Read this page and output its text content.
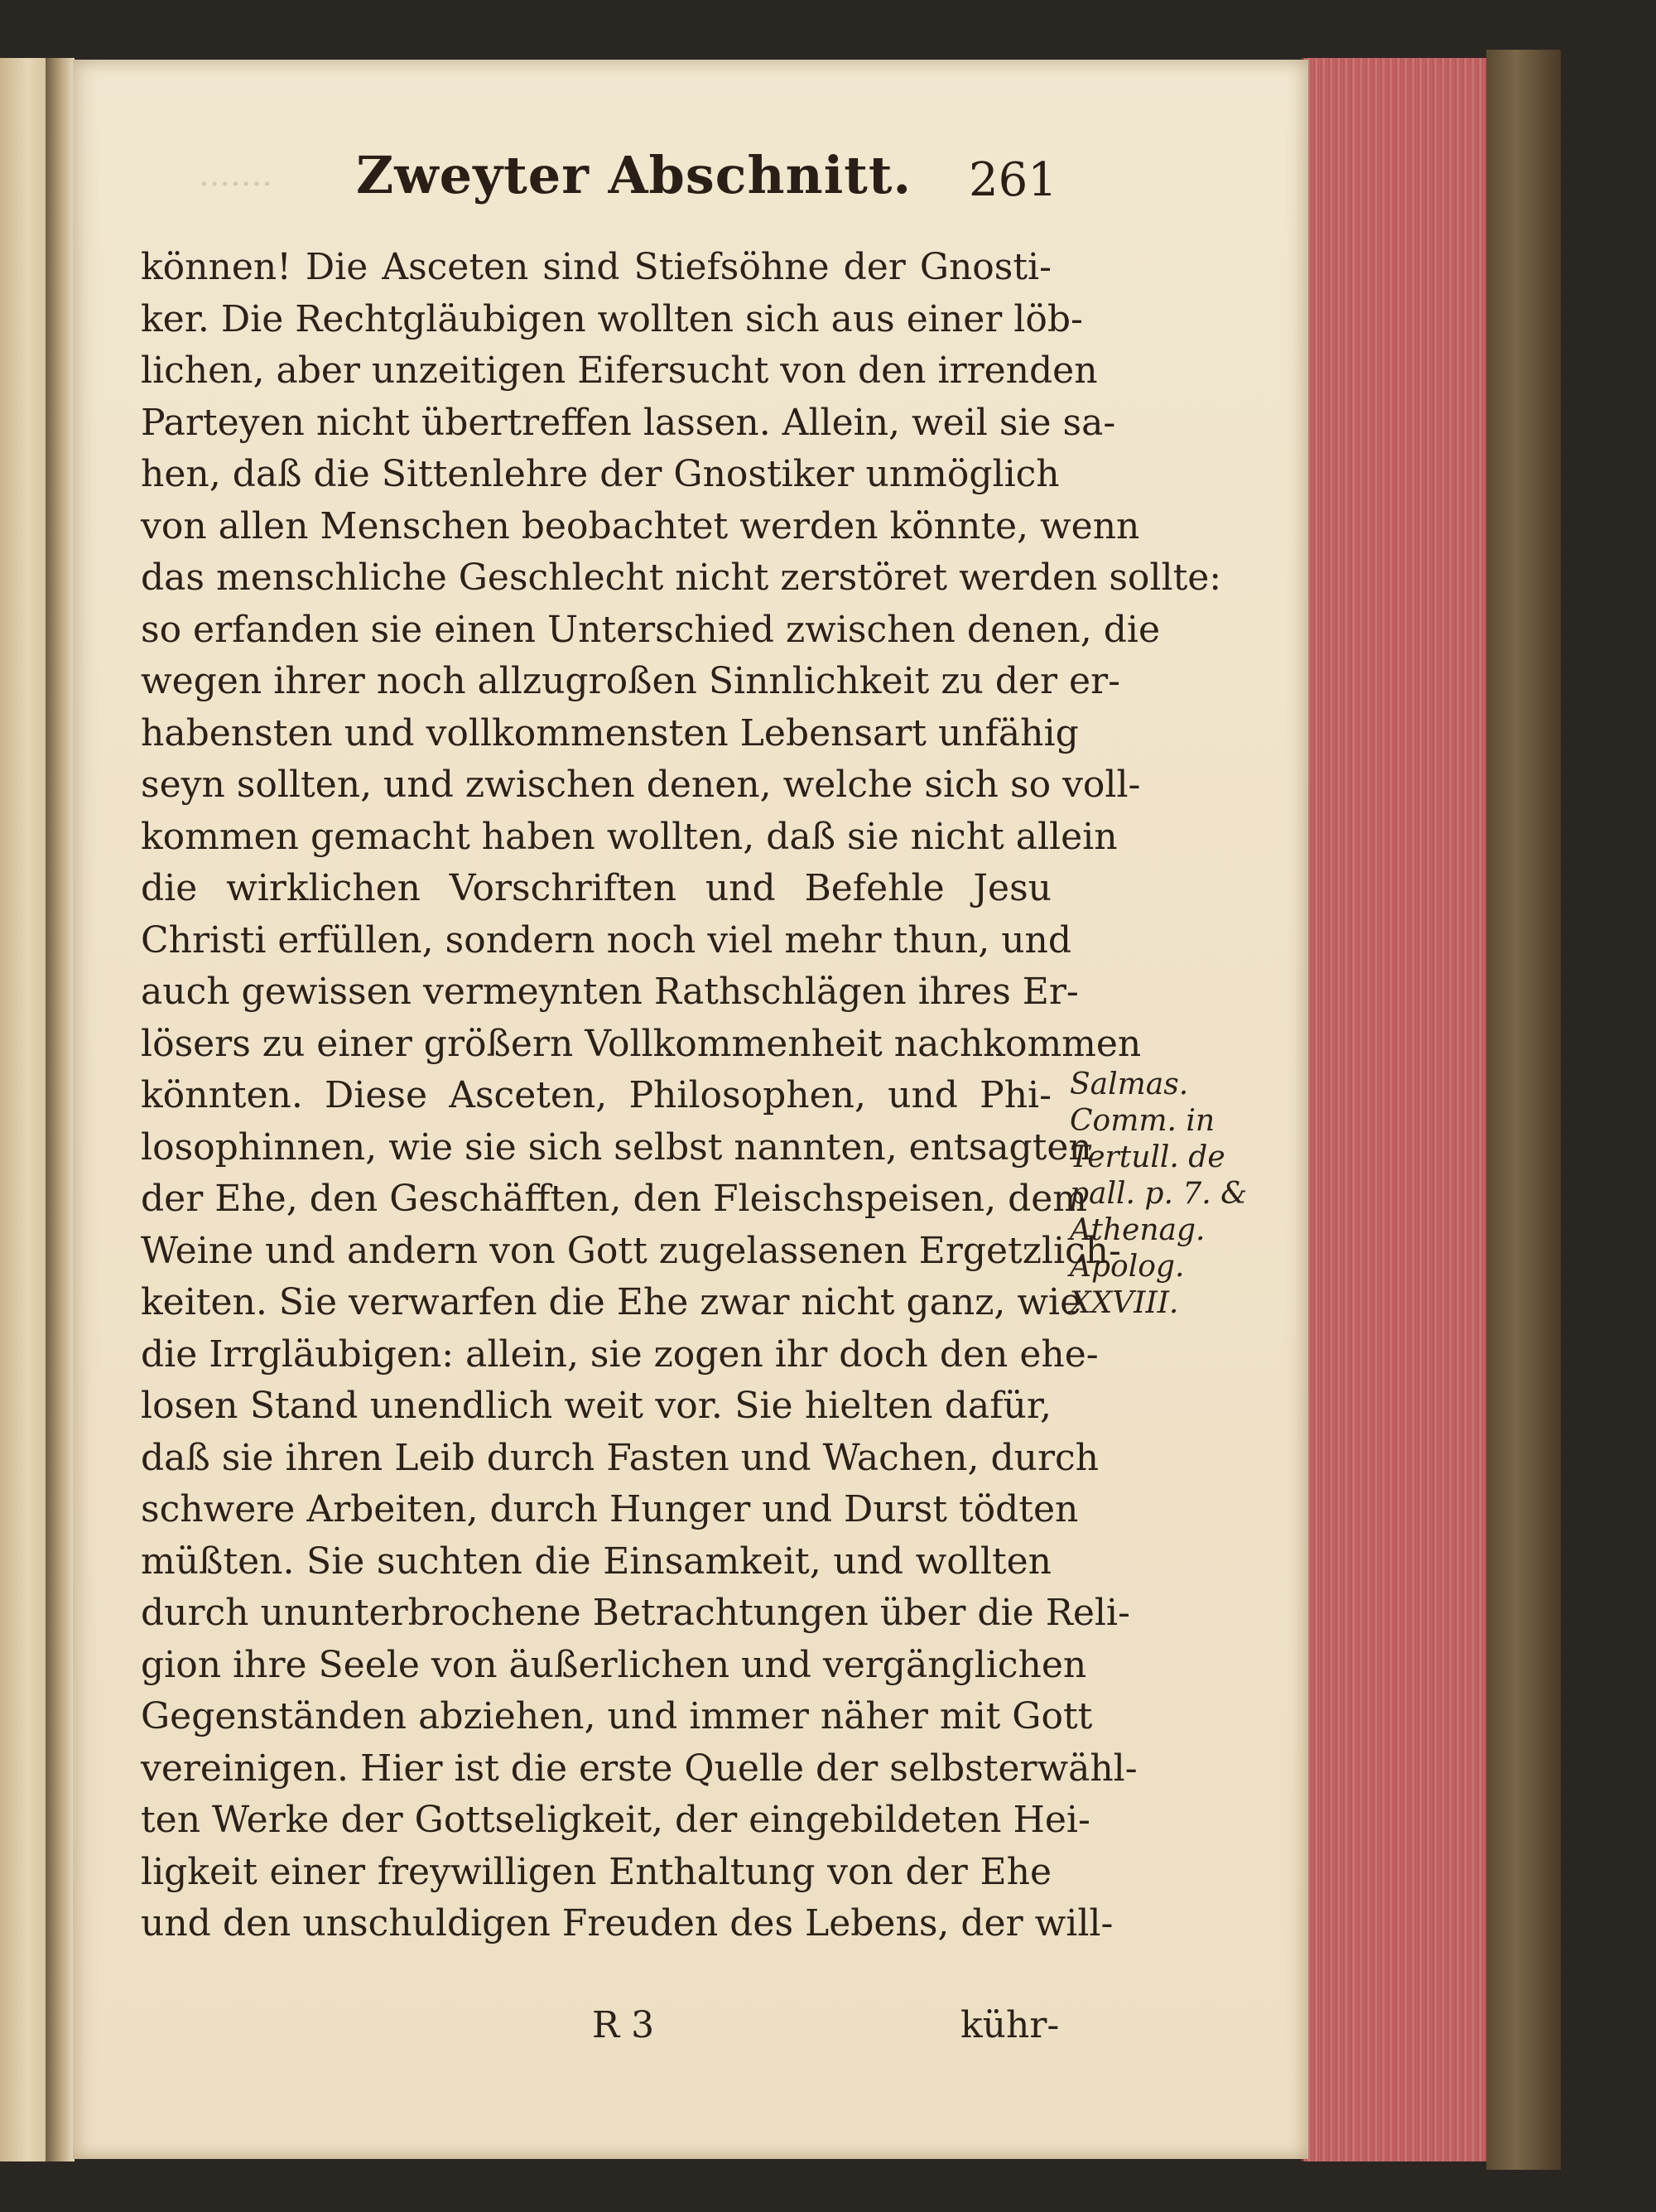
······· Zweyter Abschnitt. 261
können! Die Asceten sind Stiefsöhne der Gnosti-
ker. Die Rechtgläubigen wollten sich aus einer löb-
lichen, aber unzeitigen Eifersucht von den irrenden
Parteyen nicht übertreffen lassen. Allein, weil sie sa-
hen, daß die Sittenlehre der Gnostiker unmöglich
von allen Menschen beobachtet werden könnte, wenn
das menschliche Geschlecht nicht zerstöret werden sollte:
so erfanden sie einen Unterschied zwischen denen, die
wegen ihrer noch allzugroßen Sinnlichkeit zu der er-
habensten und vollkommensten Lebensart unfähig
seyn sollten, und zwischen denen, welche sich so voll-
kommen gemacht haben wollten, daß sie nicht allein
die wirklichen Vorschriften und Befehle Jesu
Christi erfüllen, sondern noch viel mehr thun, und
auch gewissen vermeynten Rathschlägen ihres Er-
lösers zu einer größern Vollkommenheit nachkommen
könnten. Diese Asceten, Philosophen, und Phi-
losophinnen, wie sie sich selbst nannten, entsagten
der Ehe, den Geschäfften, den Fleischspeisen, dem
Weine und andern von Gott zugelassenen Ergetzlich-
keiten. Sie verwarfen die Ehe zwar nicht ganz, wie
die Irrgläubigen: allein, sie zogen ihr doch den ehe-
losen Stand unendlich weit vor. Sie hielten dafür,
daß sie ihren Leib durch Fasten und Wachen, durch
schwere Arbeiten, durch Hunger und Durst tödten
müßten. Sie suchten die Einsamkeit, und wollten
durch ununterbrochene Betrachtungen über die Reli-
gion ihre Seele von äußerlichen und vergänglichen
Gegenständen abziehen, und immer näher mit Gott
vereinigen. Hier ist die erste Quelle der selbsterwähl-
ten Werke der Gottseligkeit, der eingebildeten Hei-
ligkeit einer freywilligen Enthaltung von der Ehe
und den unschuldigen Freuden des Lebens, der will-
Salmas.
Comm. in
Tertull. de
pall. p. 7. &
Athenag.
Apolog.
XXVIII.
R 3	kühr-
